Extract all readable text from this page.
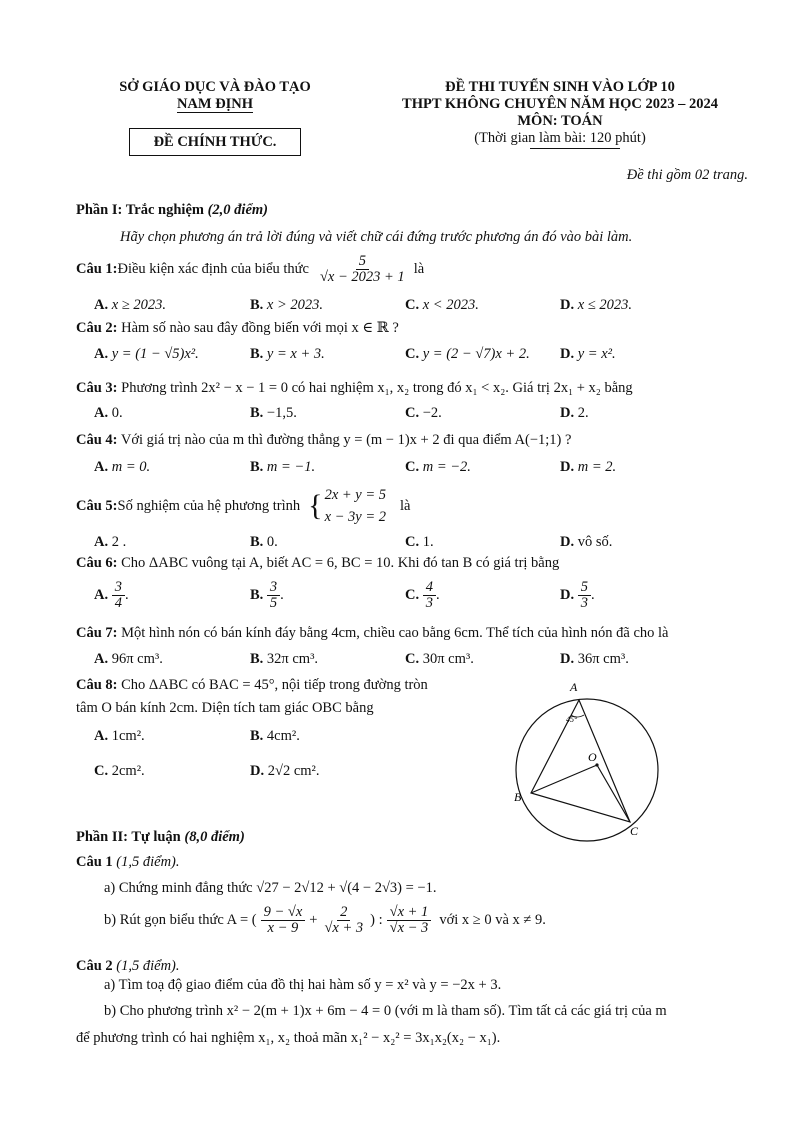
SỞ GIÁO DỤC VÀ ĐÀO TẠO
NAM ĐỊNH
ĐỀ CHÍNH THỨC.
ĐỀ THI TUYỂN SINH VÀO LỚP 10
THPT KHÔNG CHUYÊN NĂM HỌC 2023 – 2024
MÔN: TOÁN
(Thời gian làm bài: 120 phút)
Đề thi gồm 02 trang.
Phần I: Trắc nghiệm (2,0 điểm)
Hãy chọn phương án trả lời đúng và viết chữ cái đứng trước phương án đó vào bài làm.
Câu 1: Điều kiện xác định của biểu thức $\frac{5}{√x - 2023 + 1}$ là
A. x ≥ 2023.	B. x > 2023.	C. x < 2023.	D. x ≤ 2023.
Câu 2: Hàm số nào sau đây đồng biến với mọi x ∈ ℝ ?
A. y = (1 − √5)x².	B. y = x + 3.	C. y = (2 − √7)x + 2. D. y = x².
Câu 3: Phương trình 2x² − x − 1 = 0 có hai nghiệm x₁, x₂ trong đó x₁ < x₂. Giá trị 2x₁ + x₂ bằng
A. 0.	B. −1,5.	C. −2.	D. 2.
Câu 4: Với giá trị nào của m thì đường thẳng y = (m − 1)x + 2 đi qua điểm A(−1;1) ?
A. m = 0.	B. m = −1.	C. m = −2.	D. m = 2.
Câu 5: Số nghiệm của hệ phương trình { 2x + y = 5
x − 3y = 2
là
A. 2 .	B. 0.	C. 1.	D. vô số.
Câu 6: Cho ΔABC vuông tại A, biết AC = 6, BC = 10. Khi đó tan B có giá trị bằng
A.
$\frac{3}{4}$ .	B.
$\frac{3}{5}$ .	C.
$\frac{4}{3}$ .	D.
$\frac{5}{3}$ .
Câu 7: Một hình nón có bán kính đáy bằng 4cm, chiều cao bằng 6cm. Thể tích của hình nón đã cho là
A. 96π cm³.	B. 32π cm³.	C. 30π cm³.	D. 36π cm³.
Câu 8: Cho ΔABC có BAC = 45°, nội tiếp trong đường tròn
tâm O bán kính 2cm. Diện tích tam giác OBC bằng
A. 1cm².	B. 4cm².
C. 2cm².	D. 2√2 cm².
A
B
C
O
45°
Phần II: Tự luận (8,0 điểm)
Câu 1 (1,5 điểm).
a) Chứng minh đẳng thức √27 − 2√12 + √(4 − 2√3) = −1.
b) Rút gọn biểu thức A = ( $\frac{9 - √x}{x - 9} + \frac{2}{√x + 3}$ ) : $\frac{√x + 1}{√x - 3}$ với x ≥ 0 và x ≠ 9.
Câu 2 (1,5 điểm).
a) Tìm toạ độ giao điểm của đồ thị hai hàm số y = x² và y = −2x + 3.
b) Cho phương trình x² − 2(m + 1)x + 6m − 4 = 0 (với m là tham số). Tìm tất cả các giá trị của m
để phương trình có hai nghiệm x₁, x₂ thoả mãn x₁² − x₂² = 3x₁x₂(x₂ − x₁).
